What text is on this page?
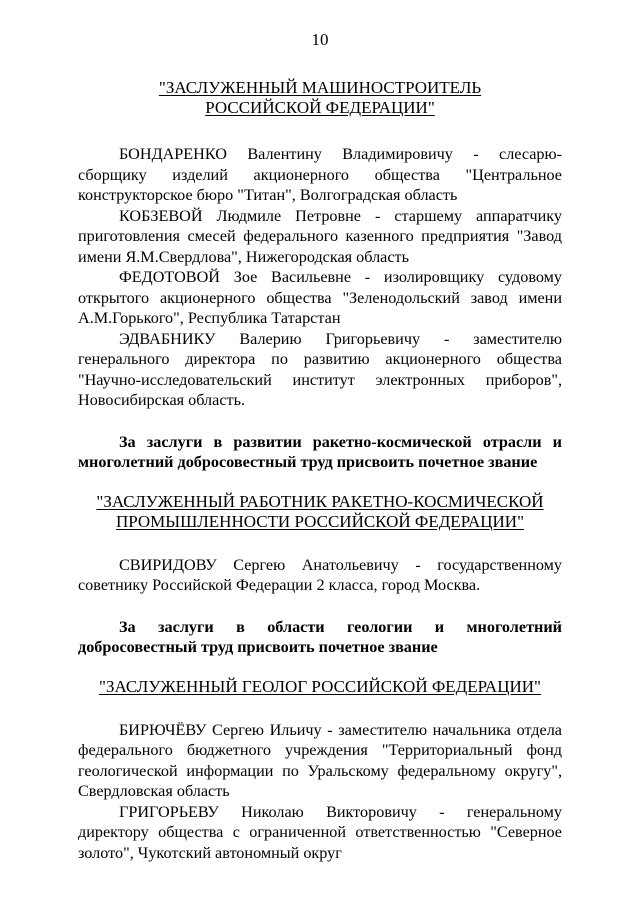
10
"ЗАСЛУЖЕННЫЙ МАШИНОСТРОИТЕЛЬ
РОССИЙСКОЙ ФЕДЕРАЦИИ"

БОНДАРЕНКО Валентину Владимировичу - слесарю-сборщику изделий акционерного общества "Центральное конструкторское бюро "Титан", Волгоградская область

КОБЗЕВОЙ Людмиле Петровне - старшему аппаратчику приготовления смесей федерального казенного предприятия "Завод имени Я.М.Свердлова", Нижегородская область

ФЕДОТОВОЙ Зое Васильевне - изолировщику судовому открытого акционерного общества "Зеленодольский завод имени А.М.Горького", Республика Татарстан

ЭДВАБНИКУ Валерию Григорьевичу - заместителю генерального директора по развитию акционерного общества "Научно-исследовательский институт электронных приборов", Новосибирская область.

За заслуги в развитии ракетно-космической отрасли и многолетний добросовестный труд присвоить почетное звание

"ЗАСЛУЖЕННЫЙ РАБОТНИК РАКЕТНО-КОСМИЧЕСКОЙ
ПРОМЫШЛЕННОСТИ РОССИЙСКОЙ ФЕДЕРАЦИИ"

СВИРИДОВУ Сергею Анатольевичу - государственному советнику Российской Федерации 2 класса, город Москва.

За заслуги в области геологии и многолетний добросовестный труд присвоить почетное звание

"ЗАСЛУЖЕННЫЙ ГЕОЛОГ РОССИЙСКОЙ ФЕДЕРАЦИИ"

БИРЮЧЁВУ Сергею Ильичу - заместителю начальника отдела федерального бюджетного учреждения "Территориальный фонд геологической информации по Уральскому федеральному округу", Свердловская область

ГРИГОРЬЕВУ Николаю Викторовичу - генеральному директору общества с ограниченной ответственностью "Северное золото", Чукотский автономный округ
